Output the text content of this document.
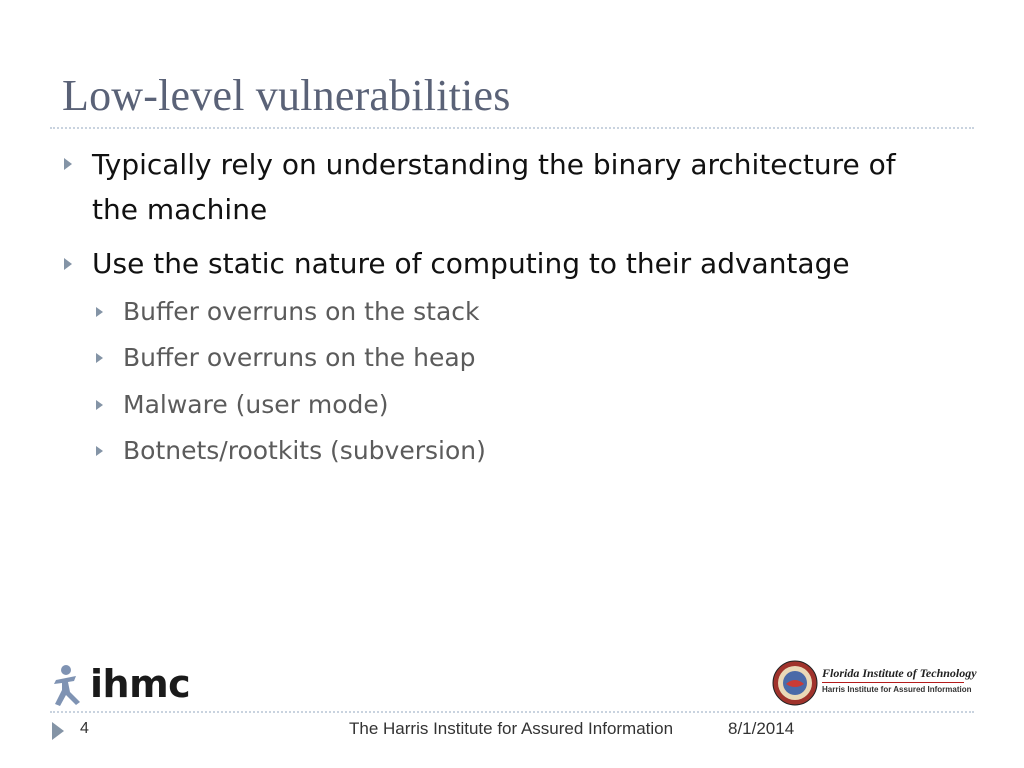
Low-level vulnerabilities
Typically rely on understanding the binary architecture of
the machine
Use the static nature of computing to their advantage
Buffer overruns on the stack
Buffer overruns on the heap
Malware (user mode)
Botnets/rootkits (subversion)
ihmc	Florida Institute of Technology
Harris Institute for Assured Information
4	The Harris Institute for Assured Information	8/1/2014
